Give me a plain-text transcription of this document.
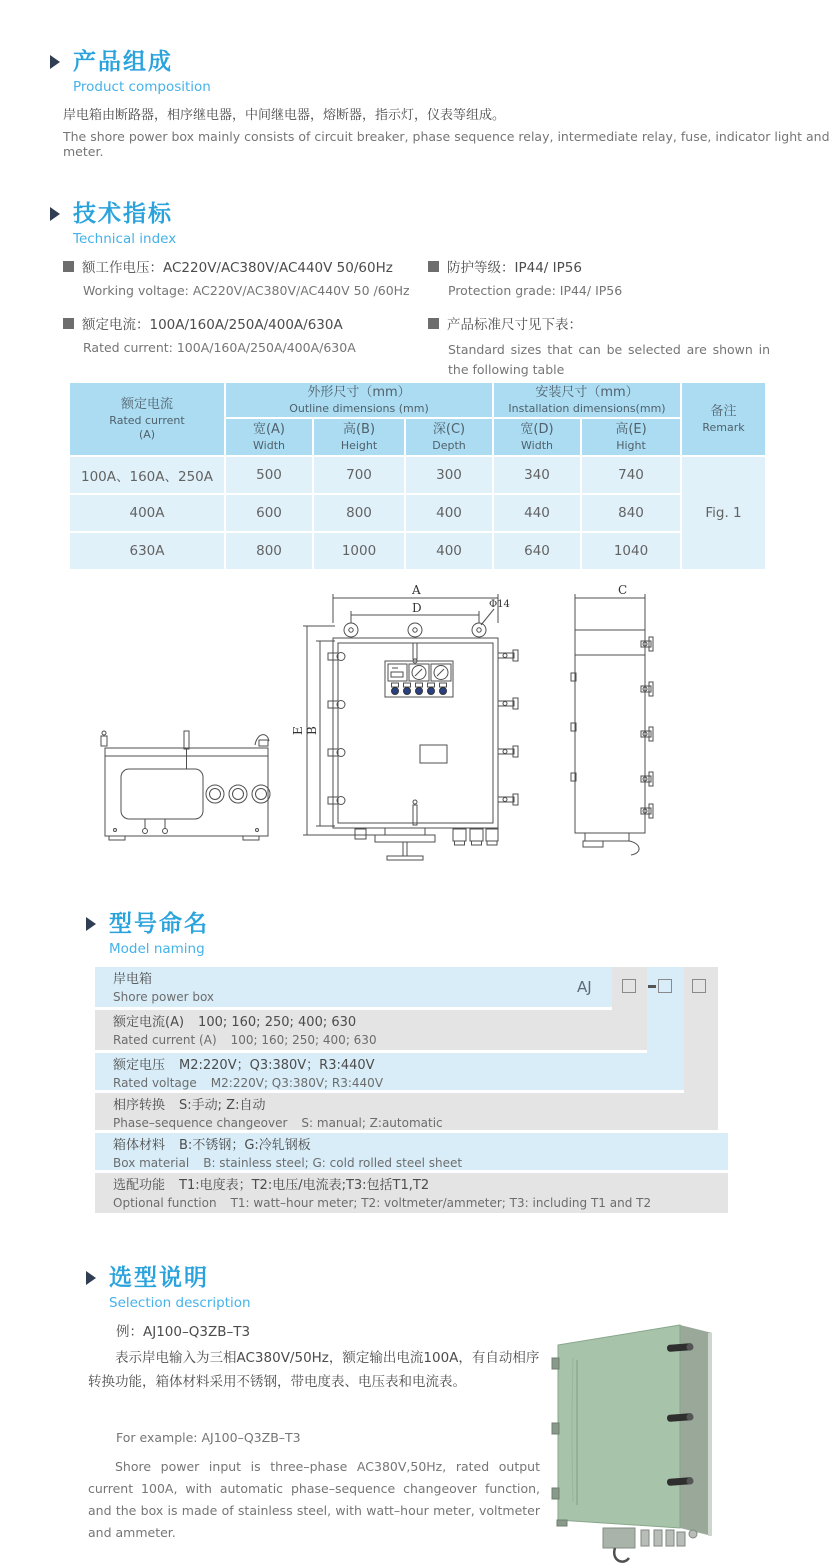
产品组成
Product composition
岸电箱由断路器，相序继电器，中间继电器，熔断器，指示灯，仪表等组成。
The shore power box mainly consists of circuit breaker, phase sequence relay, intermediate relay, fuse, indicator light and meter.
技术指标
Technical index
额工作电压：AC220V/AC380V/AC440V 50/60Hz
Working voltage: AC220V/AC380V/AC440V 50 /60Hz
额定电流：100A/160A/250A/400A/630A
Rated current: 100A/160A/250A/400A/630A
防护等级：IP44/ IP56
Protection grade: IP44/ IP56
产品标准尺寸见下表：
Standard sizes that can be selected are shown in the following table
额定电流
Rated current
(A)

外形尺寸（mm）
Outline dimensions (mm)

安装尺寸（mm）
Installation dimensions(mm)	备注
Remark

宽(A)
Width

高(B)
Height

深(C)
Depth

宽(D)
Width

高(E)
Hight

100A、160A、250A	500	700	300	340	740	Fig. 1
400A	600	800	400	440	840	
630A	800	1000	400	640	1040	
A
D	Φ14
E B
C
型号命名
Model naming
岸电箱
Shore power box
额定电流(A) 100; 160; 250; 400; 630
Rated current (A) 100; 160; 250; 400; 630
额定电压 M2:220V；Q3:380V；R3:440V
Rated voltage M2:220V; Q3:380V; R3:440V
相序转换 S:手动; Z:自动
Phase–sequence changeover S: manual; Z:automatic
箱体材料 B:不锈钢；G:冷轧钢板
Box material B: stainless steel; G: cold rolled steel sheet
选配功能 T1:电度表；T2:电压/电流表;T3:包括T1,T2
Optional function T1: watt–hour meter; T2: voltmeter/ammeter; T3: including T1 and T2
AJ
选型说明
Selection description
例：AJ100–Q3ZB–T3
表示岸电输入为三相AC380V/50Hz，额定输出电流100A，有自动相序转换功能，箱体材料采用不锈钢，带电度表、电压表和电流表。
For example: AJ100–Q3ZB–T3
Shore power input is three–phase AC380V,50Hz, rated output current 100A, with automatic phase–sequence changeover function, and the box is made of stainless steel, with watt–hour meter, voltmeter and ammeter.
